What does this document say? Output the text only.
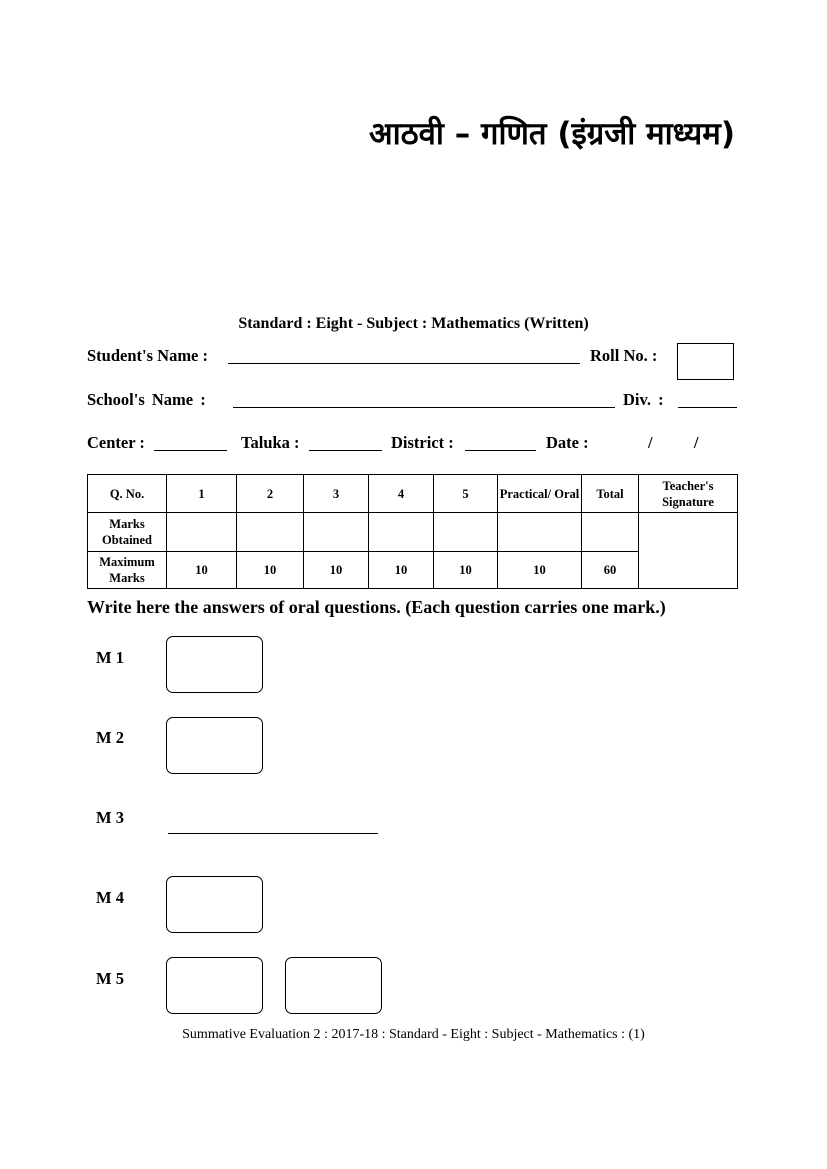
आठवी – गणित (इंग्रजी माध्यम)
Standard : Eight - Subject : Mathematics (Written)
Student's Name :	Roll No. :
School's Name :	Div. :
Center :	Taluka :	District :	Date :	/          /
Q. No.	1	2	3	4	5	Practical/ Oral	Total	Teacher's Signature
Marks Obtained								
Maximum Marks	10	10	10	10	10	10	60	
Write here the answers of oral questions. (Each question carries one mark.)
M 1
M 2
M 3
M 4
M 5
Summative Evaluation 2 : 2017-18 : Standard - Eight : Subject - Mathematics : (1)
